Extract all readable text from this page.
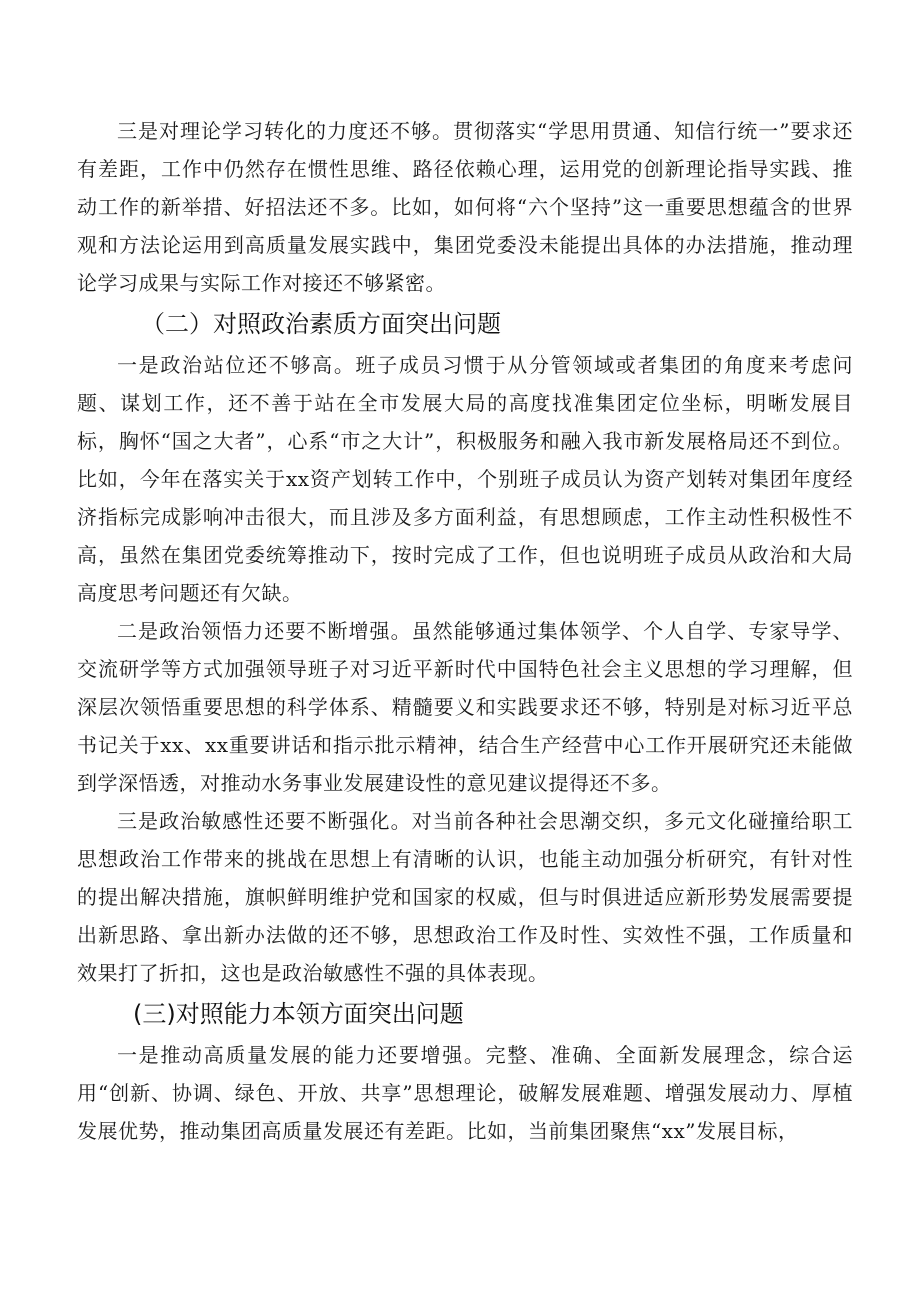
三是对理论学习转化的力度还不够。贯彻落实“学思用贯通、知信行统一”要求还有差距，工作中仍然存在惯性思维、路径依赖心理，运用党的创新理论指导实践、推动工作的新举措、好招法还不多。比如，如何将“六个坚持”这一重要思想蕴含的世界观和方法论运用到高质量发展实践中，集团党委没未能提出具体的办法措施，推动理论学习成果与实际工作对接还不够紧密。

（二）对照政治素质方面突出问题

一是政治站位还不够高。班子成员习惯于从分管领域或者集团的角度来考虑问题、谋划工作，还不善于站在全市发展大局的高度找准集团定位坐标，明晰发展目标，胸怀“国之大者”，心系“市之大计”，积极服务和融入我市新发展格局还不到位。比如，今年在落实关于xx资产划转工作中，个别班子成员认为资产划转对集团年度经济指标完成影响冲击很大，而且涉及多方面利益，有思想顾虑，工作主动性积极性不高，虽然在集团党委统筹推动下，按时完成了工作，但也说明班子成员从政治和大局高度思考问题还有欠缺。

二是政治领悟力还要不断增强。虽然能够通过集体领学、个人自学、专家导学、交流研学等方式加强领导班子对习近平新时代中国特色社会主义思想的学习理解，但深层次领悟重要思想的科学体系、精髓要义和实践要求还不够，特别是对标习近平总书记关于xx、xx重要讲话和指示批示精神，结合生产经营中心工作开展研究还未能做到学深悟透，对推动水务事业发展建设性的意见建议提得还不多。

三是政治敏感性还要不断强化。对当前各种社会思潮交织，多元文化碰撞给职工思想政治工作带来的挑战在思想上有清晰的认识，也能主动加强分析研究，有针对性的提出解决措施，旗帜鲜明维护党和国家的权威，但与时俱进适应新形势发展需要提出新思路、拿出新办法做的还不够，思想政治工作及时性、实效性不强，工作质量和效果打了折扣，这也是政治敏感性不强的具体表现。

(三)对照能力本领方面突出问题

一是推动高质量发展的能力还要增强。完整、准确、全面新发展理念，综合运用“创新、协调、绿色、开放、共享”思想理论，破解发展难题、增强发展动力、厚植发展优势，推动集团高质量发展还有差距。比如，当前集团聚焦“xx”发展目标，
